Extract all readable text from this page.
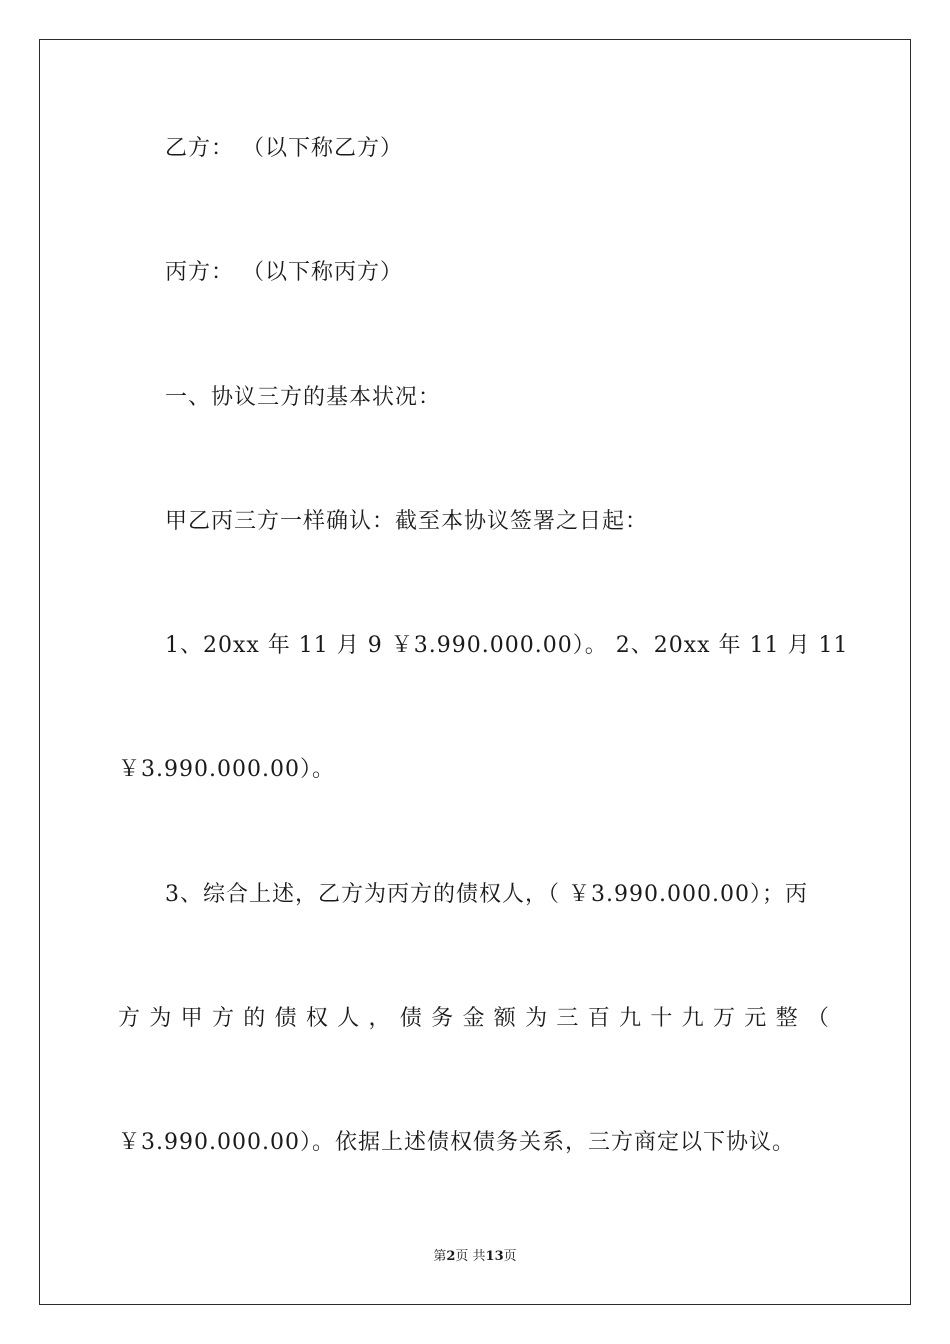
乙方： （以下称乙方）
丙方： （以下称丙方）
一、协议三方的基本状况：
甲乙丙三方一样确认：截至本协议签署之日起：
1、20xx 年 11 月 9 ￥3.990.000.00）。 2、20xx 年 11 月 11
￥3.990.000.00）。
3、综合上述，乙方为丙方的债权人，（ ￥3.990.000.00）；丙
方 为 甲 方 的 债 权 人 ， 债 务 金 额 为 三 百 九 十 九 万 元 整 （
￥3.990.000.00）。依据上述债权债务关系，三方商定以下协议。
第2页 共13页
